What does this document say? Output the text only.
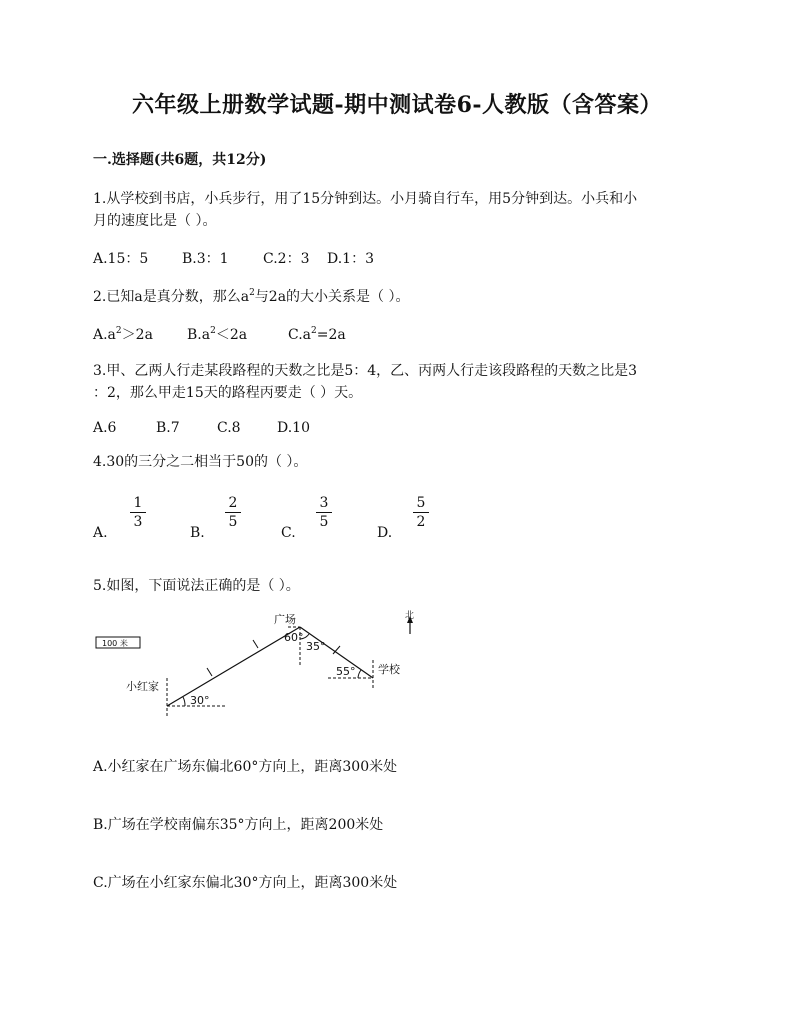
六年级上册数学试题-期中测试卷6-人教版（含答案）
一.选择题(共6题，共12分)
1.从学校到书店，小兵步行，用了15分钟到达。小月骑自行车，用5分钟到达。小兵和小
月的速度比是（ ）。
A.15：5 B.3：1 C.2：3 D.1：3
2.已知a是真分数，那么$a^2$与2a的大小关系是（ ）。
$A.a^2>2a$ $B.a^2<2a$	$C.a^2=2a$
3.甲、乙两人行走某段路程的天数之比是5：4，乙、丙两人行走该段路程的天数之比是3
：2，那么甲走15天的路程丙要走（ ）天。
A.6	B.7	C.8	D.10
4.30的三分之二相当于50的（ ）。
A.
1
3
B.
2
5
C.
3
5
D.
5
2
5.如图，下面说法正确的是（ ）。
100 米
广场
学校
小红家
北
60°
35°
55°
30°
A.小红家在广场东偏北60°方向上，距离300米处
B.广场在学校南偏东35°方向上，距离200米处
C.广场在小红家东偏北30°方向上，距离300米处
